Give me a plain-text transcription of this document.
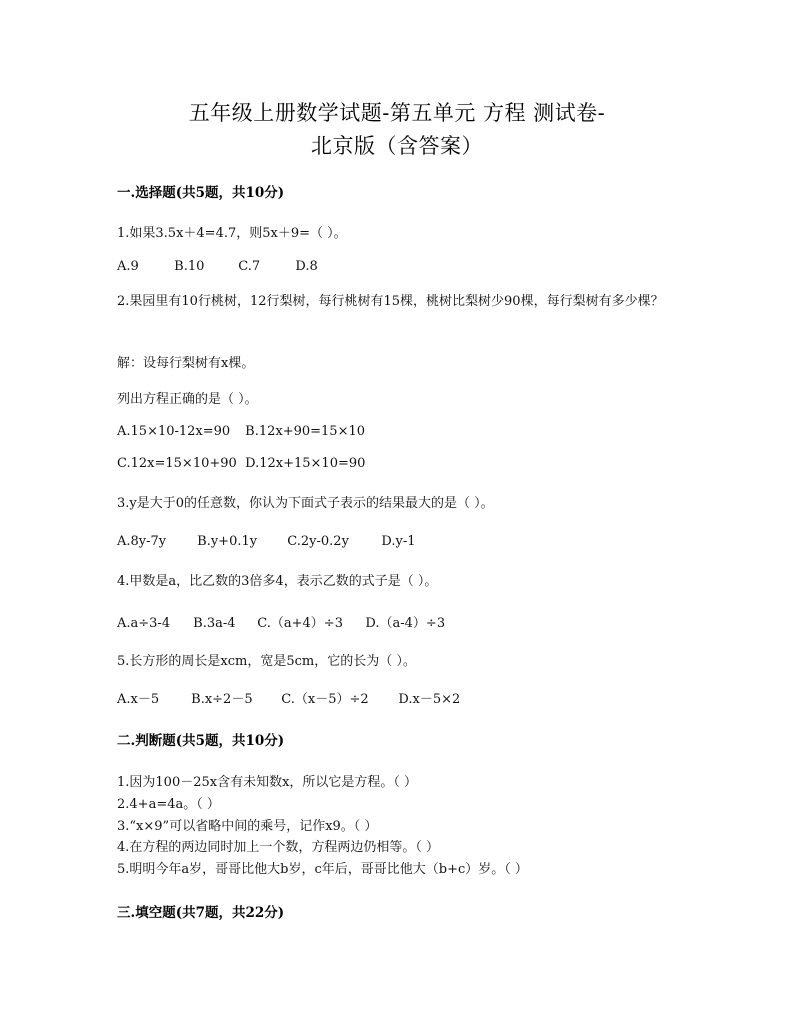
五年级上册数学试题-第五单元 方程 测试卷-
北京版（含答案）
一.选择题(共5题，共10分)
1.如果3.5x＋4=4.7，则5x＋9=（ ）。
A.9	B.10	C.7	D.8
2.果园里有10行桃树，12行梨树，每行桃树有15棵，桃树比梨树少90棵，每行梨树有多少棵？
解：设每行梨树有x棵。
列出方程正确的是（ ）。
A.15×10-12x=90 B.12x+90=15×10
C.12x=15×10+90 D.12x+15×10=90
3.y是大于0的任意数，你认为下面式子表示的结果最大的是（ ）。
A.8y-7y B.y+0.1y C.2y-0.2y D.y-1
4.甲数是a，比乙数的3倍多4，表示乙数的式子是（ ）。
A.a÷3-4 B.3a-4 C.（a+4）÷3 D.（a-4）÷3
5.长方形的周长是xcm，宽是5cm，它的长为（ ）。
A.x－5 B.x÷2－5 C.（x－5）÷2 D.x－5×2
二.判断题(共5题，共10分)
1.因为100－25x含有未知数x，所以它是方程。（ ）
2.4+a=4a。（ ）
3.“x×9”可以省略中间的乘号，记作x9。（ ）
4.在方程的两边同时加上一个数，方程两边仍相等。（ ）
5.明明今年a岁，哥哥比他大b岁，c年后，哥哥比他大（b+c）岁。（ ）
三.填空题(共7题，共22分)
